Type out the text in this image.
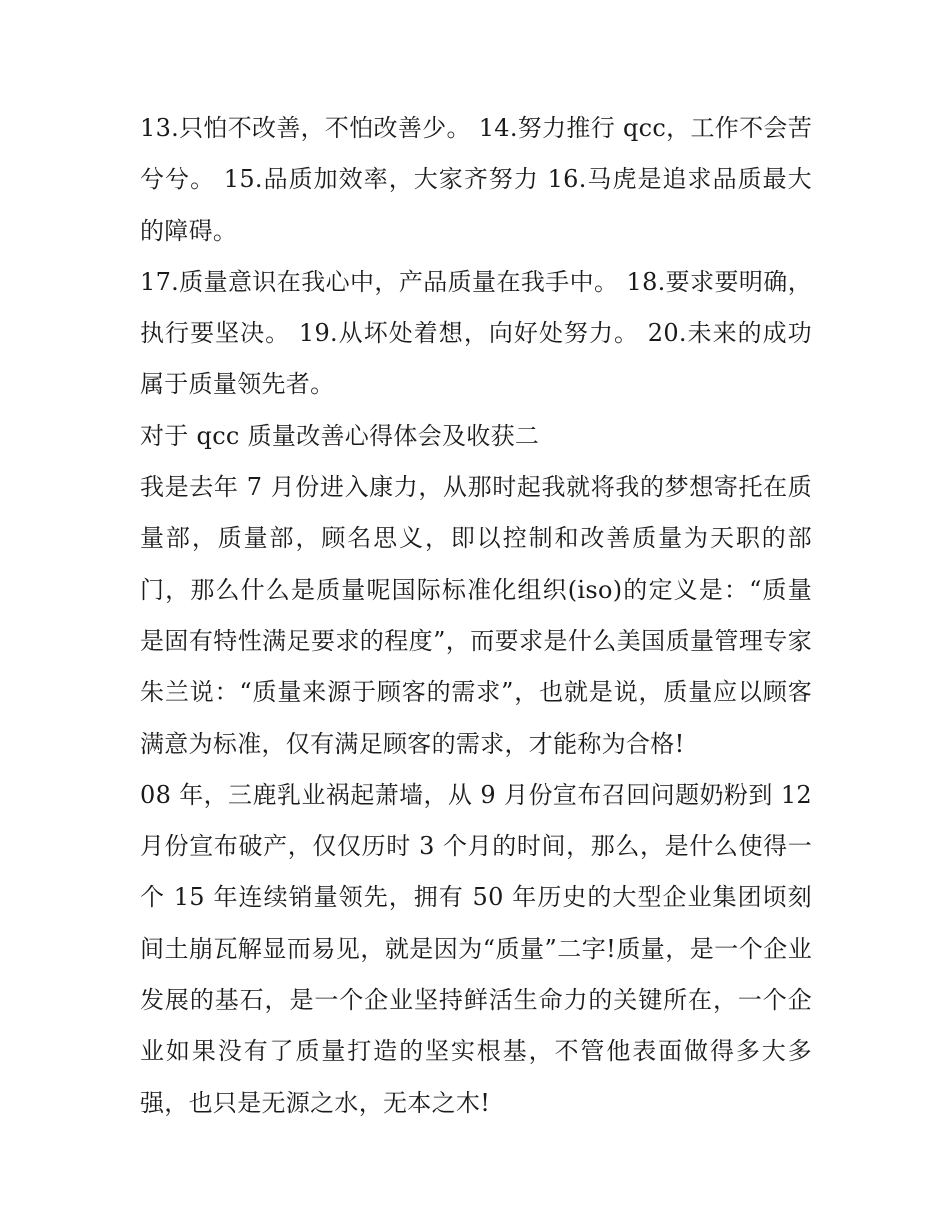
13.只怕不改善，不怕改善少。 14.努力推行 qcc，工作不会苦兮兮。 15.品质加效率，大家齐努力 16.马虎是追求品质最大的障碍。

17.质量意识在我心中，产品质量在我手中。 18.要求要明确，执行要坚决。 19.从坏处着想，向好处努力。 20.未来的成功属于质量领先者。

对于 qcc 质量改善心得体会及收获二

我是去年 7 月份进入康力，从那时起我就将我的梦想寄托在质量部，质量部，顾名思义，即以控制和改善质量为天职的部门，那么什么是质量呢国际标准化组织(iso)的定义是：“质量是固有特性满足要求的程度”，而要求是什么美国质量管理专家朱兰说：“质量来源于顾客的需求”，也就是说，质量应以顾客满意为标准，仅有满足顾客的需求，才能称为合格!

08 年，三鹿乳业祸起萧墙，从 9 月份宣布召回问题奶粉到 12 月份宣布破产，仅仅历时 3 个月的时间，那么，是什么使得一个 15 年连续销量领先，拥有 50 年历史的大型企业集团顷刻间土崩瓦解显而易见，就是因为“质量”二字!质量，是一个企业发展的基石，是一个企业坚持鲜活生命力的关键所在，一个企业如果没有了质量打造的坚实根基，不管他表面做得多大多强，也只是无源之水，无本之木!
